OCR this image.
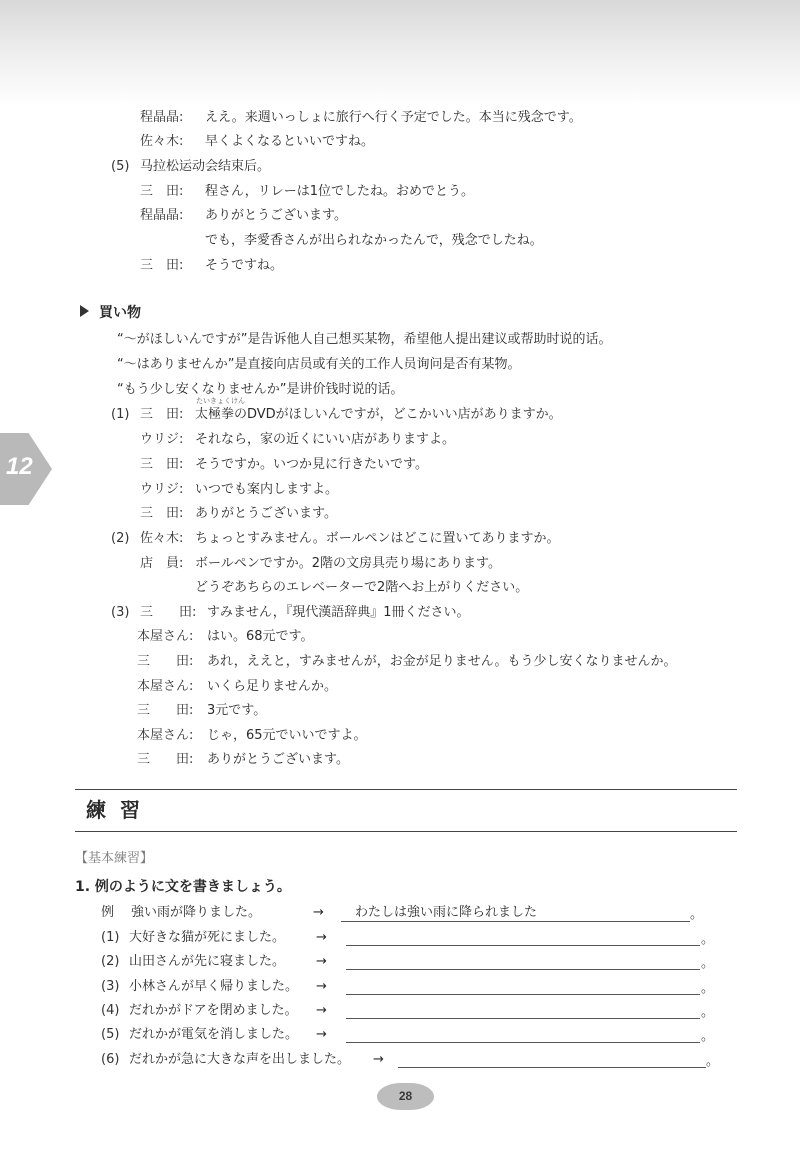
程晶晶: ええ。来週いっしょに旅行へ行く予定でした。本当に残念です。
佐々木: 早くよくなるといいですね。
(5) 马拉松运动会结束后。
三　田: 程さん，リレーは1位でしたね。おめでとう。
程晶晶: ありがとうございます。
でも，李愛香さんが出られなかったんで，残念でしたね。
三　田: そうですね。
買い物
“～がほしいんですが”是告诉他人自己想买某物，希望他人提出建议或帮助时说的话。
“～はありませんか”是直接向店员或有关的工作人员询问是否有某物。
“もう少し安くなりませんか”是讲价钱时说的话。
たいきょくけん
(1) 三　田: 太極拳のDVDがほしいんですが，どこかいい店がありますか。
ウリジ: それなら，家の近くにいい店がありますよ。
三　田: そうですか。いつか見に行きたいです。
ウリジ: いつでも案内しますよ。
三　田: ありがとうございます。
(2) 佐々木: ちょっとすみません。ボールペンはどこに置いてありますか。
店　員: ボールペンですか。2階の文房具売り場にあります。
どうぞあちらのエレベーターで2階へお上がりください。
(3) 三　　田: すみません，『現代漢語辞典』1冊ください。
本屋さん: はい。68元です。
三　　田: あれ，ええと，すみませんが，お金が足りません。もう少し安くなりませんか。
本屋さん: いくら足りませんか。
三　　田: 3元です。
本屋さん: じゃ，65元でいいですよ。
三　　田: ありがとうございます。
12
練習
【基本練習】
1. 例のように文を書きましょう。
例 強い雨が降りました。	→ わたしは強い雨に降られました	。
(1) 大好きな猫が死にました。 →	。
(2) 山田さんが先に寝ました。 →	。
(3) 小林さんが早く帰りました。 →	。
(4) だれかがドアを閉めました。 →	。
(5) だれかが電気を消しました。 →	。
(6) だれかが急に大きな声を出しました。 →	。
28
